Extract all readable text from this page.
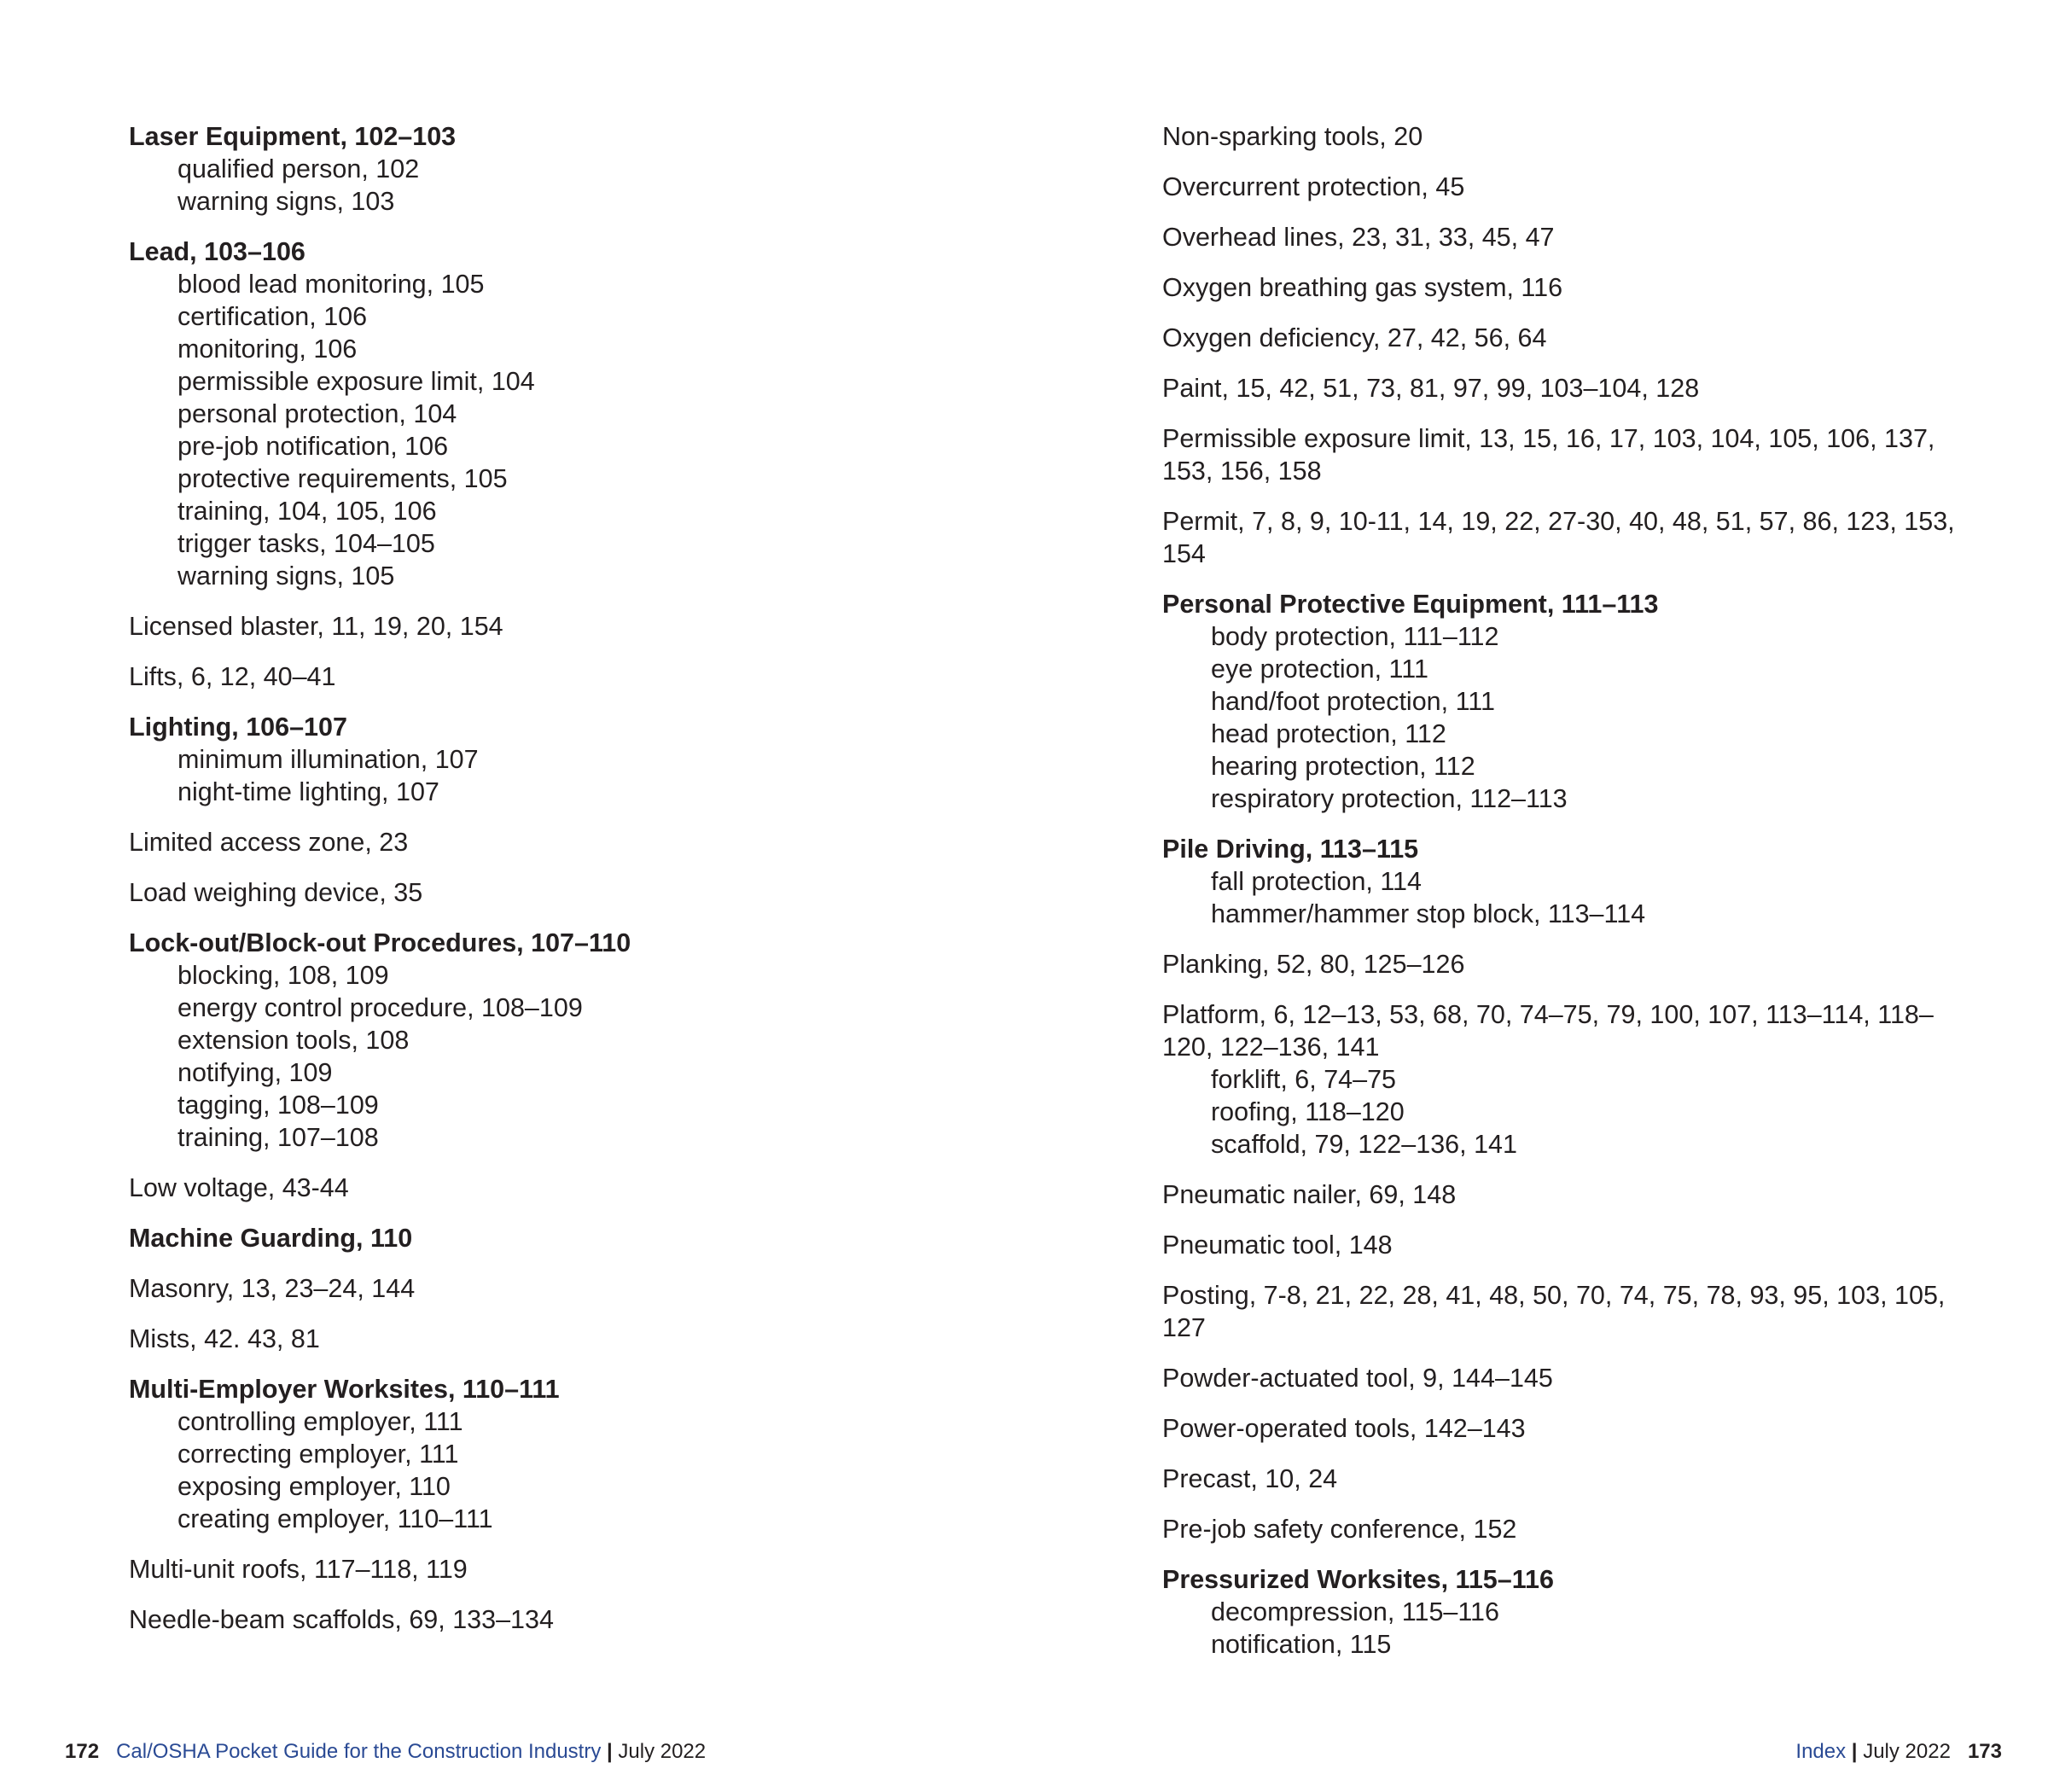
Laser Equipment, 102–103
qualified person, 102
warning signs, 103
Lead, 103–106
blood lead monitoring, 105
certification, 106
monitoring, 106
permissible exposure limit, 104
personal protection, 104
pre-job notification, 106
protective requirements, 105
training, 104, 105, 106
trigger tasks, 104–105
warning signs, 105
Licensed blaster, 11, 19, 20, 154
Lifts, 6, 12, 40–41
Lighting, 106–107
minimum illumination, 107
night-time lighting, 107
Limited access zone, 23
Load weighing device, 35
Lock-out/Block-out Procedures, 107–110
blocking, 108, 109
energy control procedure, 108–109
extension tools, 108
notifying, 109
tagging, 108–109
training, 107–108
Low voltage, 43-44
Machine Guarding, 110
Masonry, 13, 23–24, 144
Mists, 42. 43, 81
Multi-Employer Worksites, 110–111
controlling employer, 111
correcting employer, 111
exposing employer, 110
creating employer, 110–111
Multi-unit roofs, 117–118, 119
Needle-beam scaffolds, 69, 133–134
Non-sparking tools, 20
Overcurrent protection, 45
Overhead lines, 23, 31, 33, 45, 47
Oxygen breathing gas system, 116
Oxygen deficiency, 27, 42, 56, 64
Paint, 15, 42, 51, 73, 81, 97, 99, 103–104, 128
Permissible exposure limit, 13, 15, 16, 17, 103, 104, 105, 106, 137, 153, 156, 158
Permit, 7, 8, 9, 10-11, 14, 19, 22, 27-30, 40, 48, 51, 57, 86, 123, 153, 154
Personal Protective Equipment, 111–113
body protection, 111–112
eye protection, 111
hand/foot protection, 111
head protection, 112
hearing protection, 112
respiratory protection, 112–113
Pile Driving, 113–115
fall protection, 114
hammer/hammer stop block, 113–114
Planking, 52, 80, 125–126
Platform, 6, 12–13, 53, 68, 70, 74–75, 79, 100, 107, 113–114, 118–120, 122–136, 141
forklift, 6, 74–75
roofing, 118–120
scaffold, 79, 122–136, 141
Pneumatic nailer, 69, 148
Pneumatic tool, 148
Posting, 7-8, 21, 22, 28, 41, 48, 50, 70, 74, 75, 78, 93, 95, 103, 105, 127
Powder-actuated tool, 9, 144–145
Power-operated tools, 142–143
Precast, 10, 24
Pre-job safety conference, 152
Pressurized Worksites, 115–116
decompression, 115–116
notification, 115
172 Cal/OSHA Pocket Guide for the Construction Industry | July 2022	Index | July 2022 173
